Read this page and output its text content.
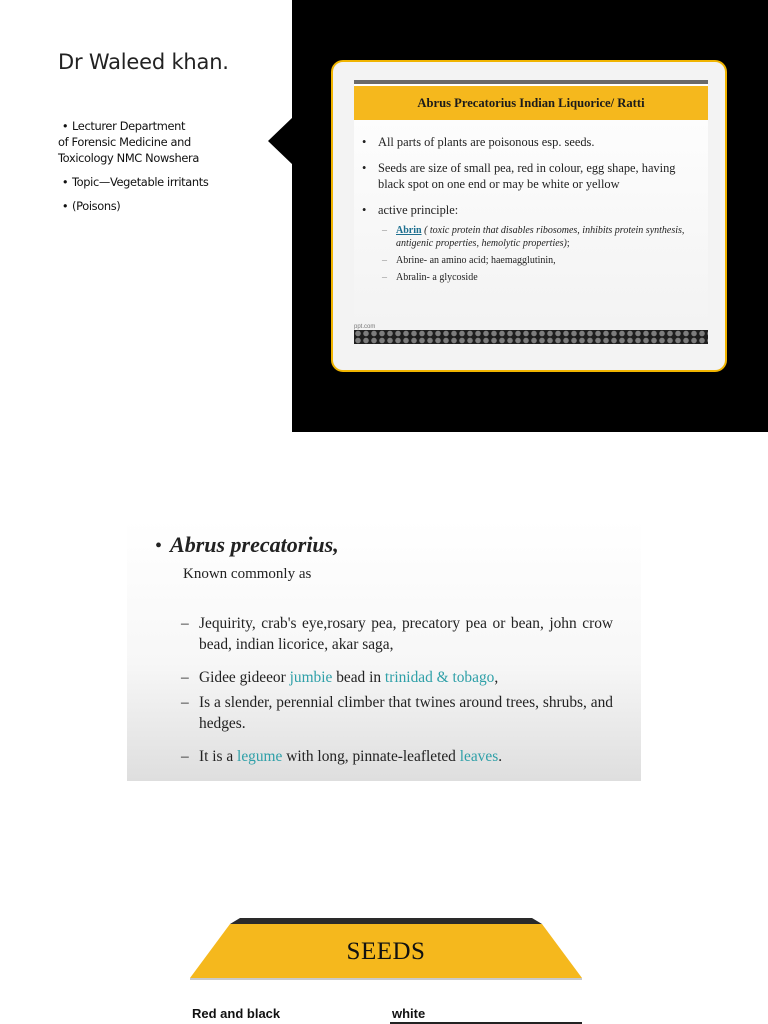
Dr Waleed khan.
• Lecturer Department
of Forensic Medicine and
Toxicology NMC Nowshera
• Topic—Vegetable irritants
• (Poisons)
Abrus Precatorius Indian Liquorice/ Ratti
• All parts of plants are poisonous esp. seeds.
• Seeds are size of small pea, red in colour, egg shape, having black spot on one end or may be white or yellow
• active principle:
– Abrin ( toxic protein that disables ribosomes, inhibits protein synthesis, antigenic properties, hemolytic properties);
– Abrine- an amino acid; haemagglutinin,
– Abralin- a glycoside
ppt.com
• Abrus precatorius,
Known commonly as
– Jequirity, crab's eye,rosary pea, precatory pea or bean, john crow bead, indian licorice, akar saga,
– Gidee gideeor jumbie bead in trinidad & tobago,
– Is a slender, perennial climber that twines around trees, shrubs, and hedges.
– It is a legume with long, pinnate-leafleted leaves.
SEEDS
Red and black	white
